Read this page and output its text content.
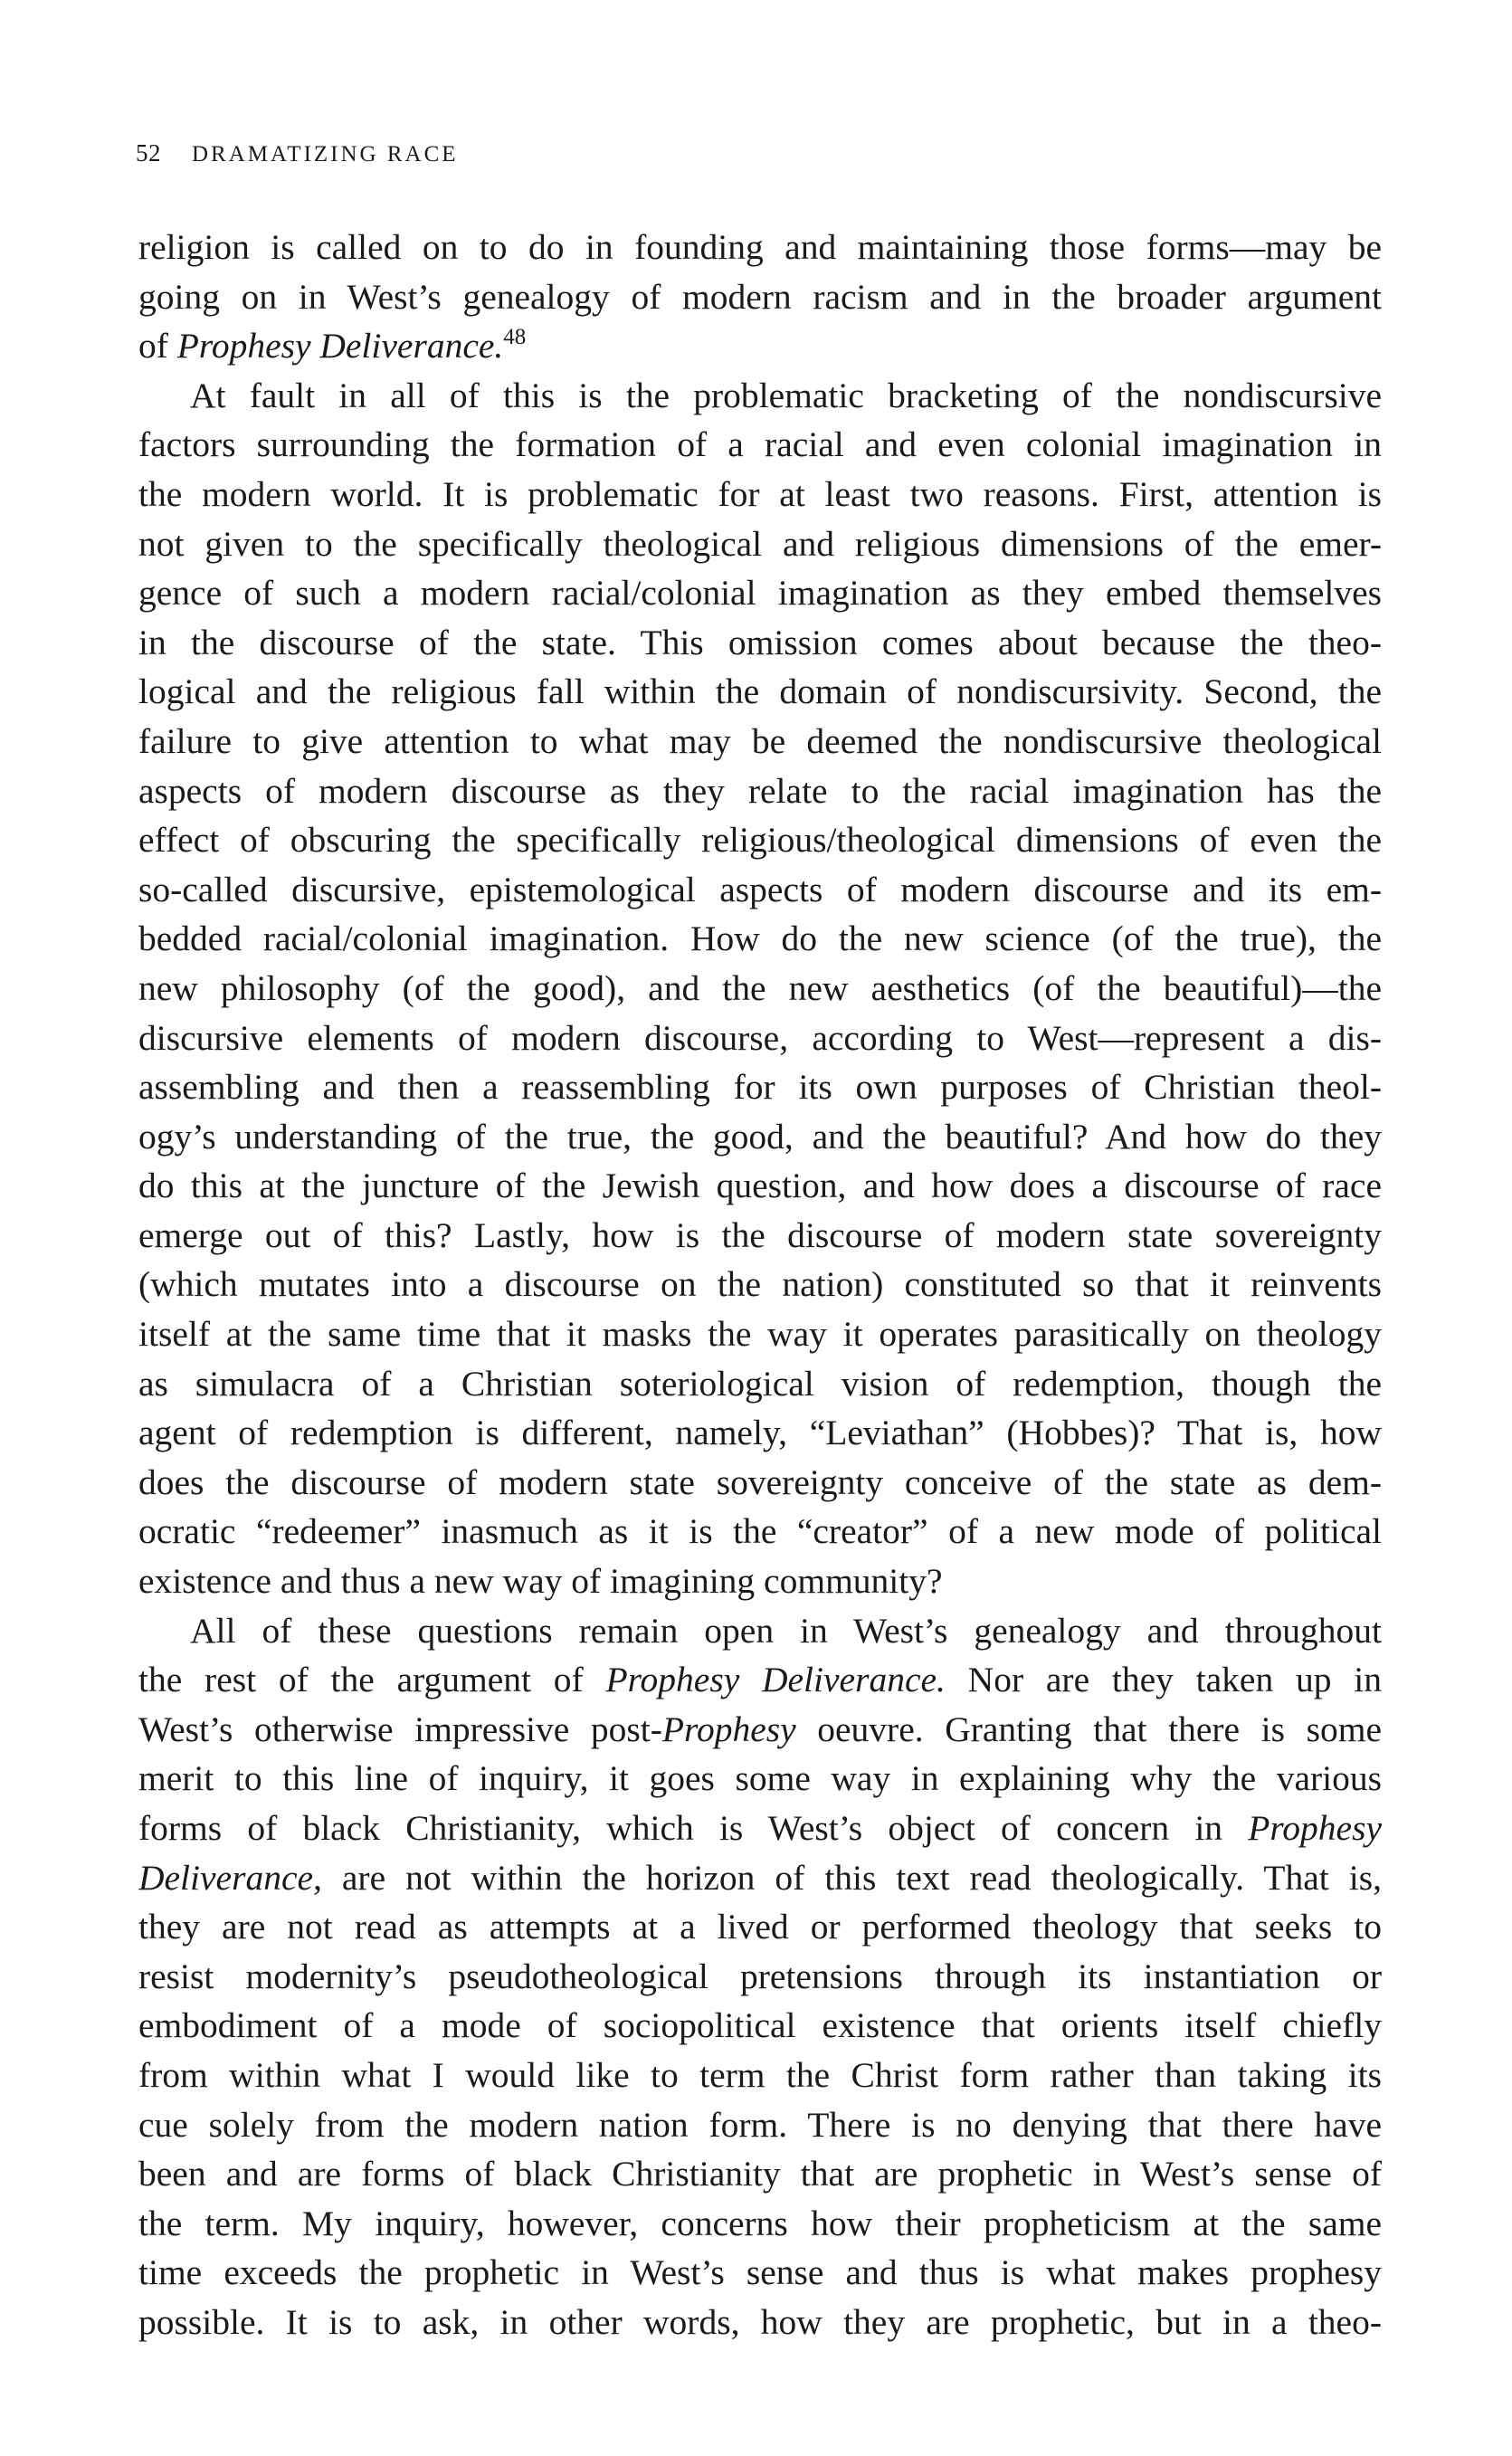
52 DRAMATIZING RACE
religion is called on to do in founding and maintaining those forms—may be
going on in West’s genealogy of modern racism and in the broader argument
of Prophesy Deliverance.$^{48}$
At fault in all of this is the problematic bracketing of the nondiscursive
factors surrounding the formation of a racial and even colonial imagination in
the modern world. It is problematic for at least two reasons. First, attention is
not given to the specifically theological and religious dimensions of the emer-
gence of such a modern racial/colonial imagination as they embed themselves
in the discourse of the state. This omission comes about because the theo-
logical and the religious fall within the domain of nondiscursivity. Second, the
failure to give attention to what may be deemed the nondiscursive theological
aspects of modern discourse as they relate to the racial imagination has the
effect of obscuring the specifically religious/theological dimensions of even the
so-called discursive, epistemological aspects of modern discourse and its em-
bedded racial/colonial imagination. How do the new science (of the true), the
new philosophy (of the good), and the new aesthetics (of the beautiful)—the
discursive elements of modern discourse, according to West—represent a dis-
assembling and then a reassembling for its own purposes of Christian theol-
ogy’s understanding of the true, the good, and the beautiful? And how do they
do this at the juncture of the Jewish question, and how does a discourse of race
emerge out of this? Lastly, how is the discourse of modern state sovereignty
(which mutates into a discourse on the nation) constituted so that it reinvents
itself at the same time that it masks the way it operates parasitically on theology
as simulacra of a Christian soteriological vision of redemption, though the
agent of redemption is different, namely, “Leviathan” (Hobbes)? That is, how
does the discourse of modern state sovereignty conceive of the state as dem-
ocratic “redeemer” inasmuch as it is the “creator” of a new mode of political
existence and thus a new way of imagining community?
All of these questions remain open in West’s genealogy and throughout
the rest of the argument of Prophesy Deliverance. Nor are they taken up in
West’s otherwise impressive post-Prophesy oeuvre. Granting that there is some
merit to this line of inquiry, it goes some way in explaining why the various
forms of black Christianity, which is West’s object of concern in Prophesy
Deliverance, are not within the horizon of this text read theologically. That is,
they are not read as attempts at a lived or performed theology that seeks to
resist modernity’s pseudotheological pretensions through its instantiation or
embodiment of a mode of sociopolitical existence that orients itself chiefly
from within what I would like to term the Christ form rather than taking its
cue solely from the modern nation form. There is no denying that there have
been and are forms of black Christianity that are prophetic in West’s sense of
the term. My inquiry, however, concerns how their propheticism at the same
time exceeds the prophetic in West’s sense and thus is what makes prophesy
possible. It is to ask, in other words, how they are prophetic, but in a theo-
